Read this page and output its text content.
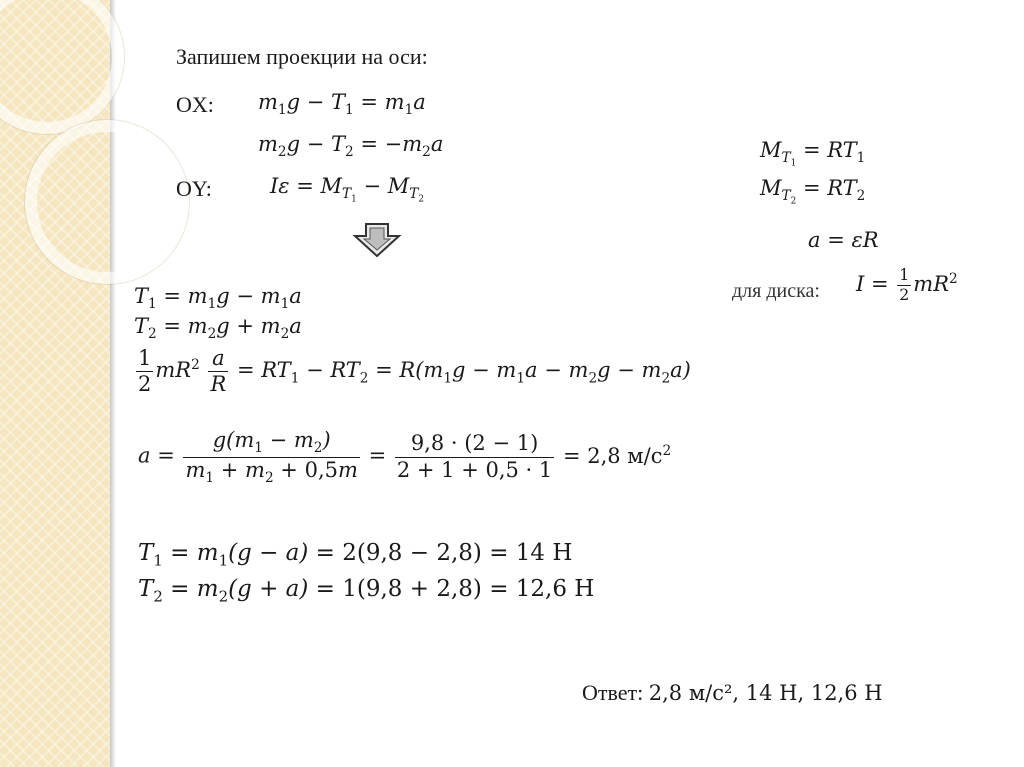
Запишем проекции на оси:
OX: $m_1g - T_1 = m_1a$
$m_2g - T_2 = -m_2a$
OY:	$I\varepsilon = M_{T_1} - M_{T_2}$
$M_{T_1} = RT_1$
$M_{T_2} = RT_2$
a = εR
для диска: $I = \frac{1}{2} mR^2$
$T_1 = m_1g - m_1a$
$T_2 = m_2g + m_2a$
$\frac{1}{2} mR^2 \frac{a}{R} = RT_1 - RT_2 = R(m_1g - m_1a - m_2g - m_2a)$
$a = \frac{g(m_1 - m_2)}{m_1 + m_2 + 0,5m} = \frac{9,8 \cdot (2 - 1)}{2 + 1 + 0,5 \cdot 1} = 2,8$ $м/с^2$
$T_1 = m_1(g - a) = 2(9,8 - 2,8) = 14$ Н
$T_2 = m_2(g + a) = 1(9,8 + 2,8) = 12,6$ Н
Ответ: 2,8 м/с², 14 Н, 12,6 Н
